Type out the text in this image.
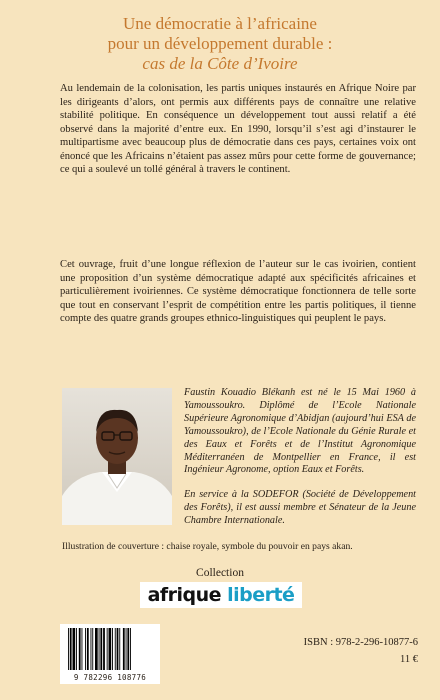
Une démocratie à l’africaine
pour un développement durable :
cas de la Côte d’Ivoire

Au lendemain de la colonisation, les partis uniques instaurés en Afrique Noire par les dirigeants d’alors, ont permis aux différents pays de connaître une relative stabilité politique. En conséquence un développement tout aussi relatif a été observé dans la majorité d’entre eux. En 1990, lorsqu’il s’est agi d’instaurer le multipartisme avec beaucoup plus de démocratie dans ces pays, certaines voix ont énoncé que les Africains n’étaient pas assez mûrs pour cette forme de gouvernance; ce qui a soulevé un tollé général à travers le continent.

Cet ouvrage, fruit d’une longue réflexion de l’auteur sur le cas ivoirien, contient une proposition d’un système démocratique adapté aux spécificités africaines et particulièrement ivoiriennes. Ce système démocratique fonctionnera de telle sorte que tout en conservant l’esprit de compétition entre les partis politiques, il tienne compte des quatre grands groupes ethnico-linguistiques qui peuplent le pays.

Faustin Kouadio Blékanh est né le 15 Mai 1960 à Yamoussoukro. Diplômé de l’Ecole Nationale Supérieure Agronomique d’Abidjan (aujourd’hui ESA de Yamoussoukro), de l’Ecole Nationale du Génie Rurale et des Eaux et Forêts et de l’Institut Agronomique Méditerranéen de Montpellier en France, il est Ingénieur Agronome, option Eaux et Forêts.

En service à la SODEFOR (Société de Développement des Forêts), il est aussi membre et Sénateur de la Jeune Chambre Internationale.

Illustration de couverture : chaise royale, symbole du pouvoir en pays akan.
Collection
afrique liberté
9 782296 108776
ISBN : 978-2-296-10877-6
11 €
